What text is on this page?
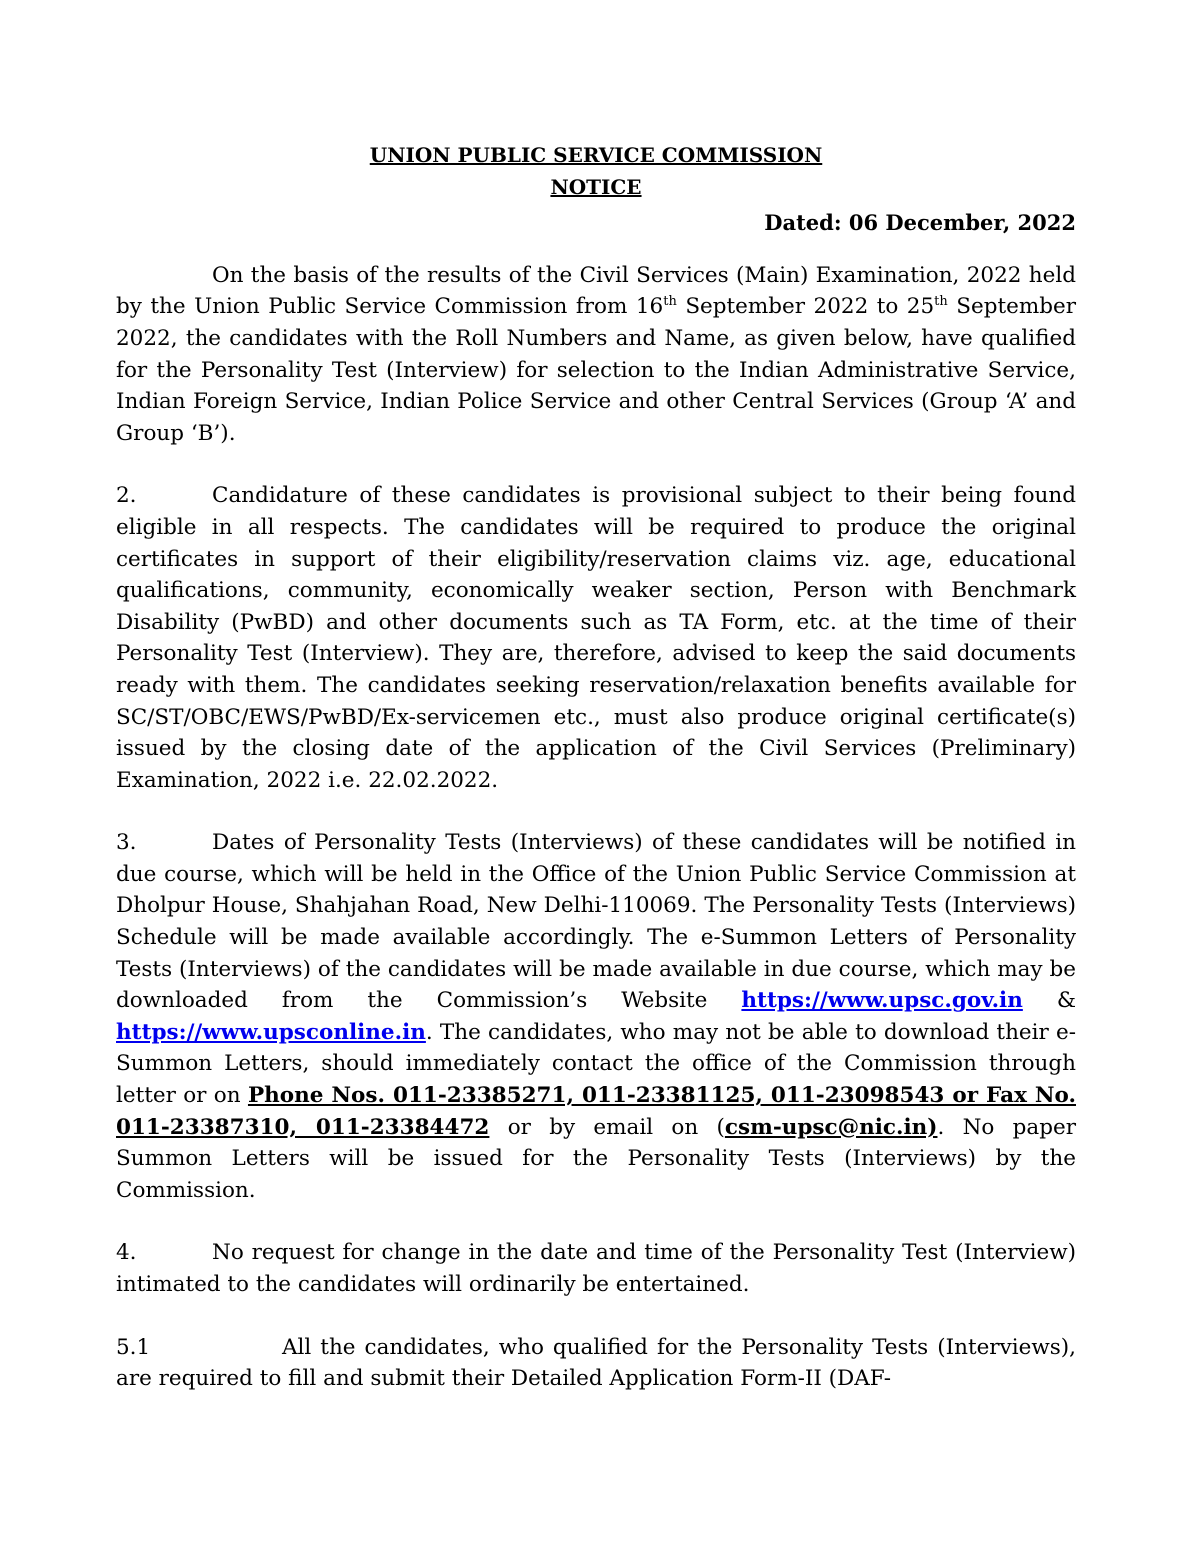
UNION PUBLIC SERVICE COMMISSION
NOTICE
Dated: 06 December, 2022

On the basis of the results of the Civil Services (Main) Examination, 2022 held by the Union Public Service Commission from 16th September 2022 to 25th September 2022, the candidates with the Roll Numbers and Name, as given below, have qualified for the Personality Test (Interview) for selection to the Indian Administrative Service, Indian Foreign Service, Indian Police Service and other Central Services (Group ‘A’ and Group ‘B’).

2.	Candidature of these candidates is provisional subject to their being found eligible in all respects. The candidates will be required to produce the original certificates in support of their eligibility/reservation claims viz. age, educational qualifications, community, economically weaker section, Person with Benchmark Disability (PwBD) and other documents such as TA Form, etc. at the time of their Personality Test (Interview). They are, therefore, advised to keep the said documents ready with them. The candidates seeking reservation/relaxation benefits available for SC/ST/OBC/EWS/PwBD/Ex-servicemen etc., must also produce original certificate(s) issued by the closing date of the application of the Civil Services (Preliminary) Examination, 2022 i.e. 22.02.2022.

3.	Dates of Personality Tests (Interviews) of these candidates will be notified in due course, which will be held in the Office of the Union Public Service Commission at Dholpur House, Shahjahan Road, New Delhi-110069. The Personality Tests (Interviews) Schedule will be made available accordingly. The e-Summon Letters of Personality Tests (Interviews) of the candidates will be made available in due course, which may be downloaded from the Commission’s Website https://www.upsc.gov.in & https://www.upsconline.in. The candidates, who may not be able to download their e-Summon Letters, should immediately contact the office of the Commission through letter or on Phone Nos. 011-23385271, 011-23381125, 011-23098543 or Fax No. 011-23387310, 011-23384472 or by email on (csm-upsc@nic.in). No paper Summon Letters will be issued for the Personality Tests (Interviews) by the Commission.

4.	No request for change in the date and time of the Personality Test (Interview) intimated to the candidates will ordinarily be entertained.

5.1	All the candidates, who qualified for the Personality Tests (Interviews), are required to fill and submit their Detailed Application Form-II (DAF-
